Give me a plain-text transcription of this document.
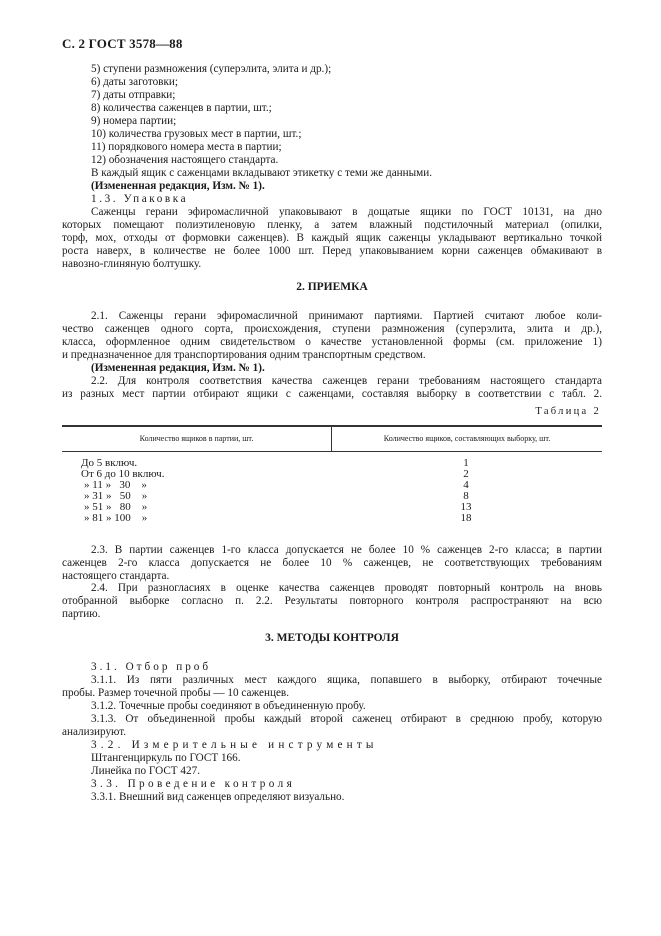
С. 2 ГОСТ 3578—88
5) ступени размножения (суперэлита, элита и др.);
6) даты заготовки;
7) даты отправки;
8) количества саженцев в партии, шт.;
9) номера партии;
10) количества грузовых мест в партии, шт.;
11) порядкового номера места в партии;
12) обозначения настоящего стандарта.
В каждый ящик с саженцами вкладывают этикетку с теми же данными.
(Измененная редакция, Изм. № 1).
1.3. Упаковка
Саженцы герани эфиромасличной упаковывают в дощатые ящики по ГОСТ 10131, на дно
которых помещают полиэтиленовую пленку, а затем влажный подстилочный материал (опилки,
торф, мох, отходы от формовки саженцев). В каждый ящик саженцы укладывают вертикально точкой
роста наверх, в количестве не более 1000 шт. Перед упаковыванием корни саженцев обмакивают в
навозно-глиняную болтушку.
2. ПРИЕМКА
2.1. Саженцы герани эфиромасличной принимают партиями. Партией считают любое коли-
чество саженцев одного сорта, происхождения, ступени размножения (суперэлита, элита и др.),
класса, оформленное одним свидетельством о качестве установленной формы (см. приложение 1)
и предназначенное для транспортирования одним транспортным средством.
(Измененная редакция, Изм. № 1).
2.2. Для контроля соответствия качества саженцев герани требованиям настоящего стандарта
из разных мест партии отбирают ящики с саженцами, составляя выборку в соответствии с табл. 2.
Таблица 2
Количество ящиков в партии, шт.	Количество ящиков, составляющих выборку, шт.
До 5 включ.	1
От 6 до 10 включ.	2
» 11 »   30    »	4
» 31 »   50    »	8
» 51 »   80    »	13
» 81 » 100    »	18
2.3. В партии саженцев 1-го класса допускается не более 10 % саженцев 2-го класса; в партии
саженцев 2-го класса допускается не более 10 % саженцев, не соответствующих требованиям
настоящего стандарта.
2.4. При разногласиях в оценке качества саженцев проводят повторный контроль на вновь
отобранной выборке согласно п. 2.2. Результаты повторного контроля распространяют на всю
партию.
3. МЕТОДЫ КОНТРОЛЯ
3.1. Отбор проб
3.1.1. Из пяти различных мест каждого ящика, попавшего в выборку, отбирают точечные
пробы. Размер точечной пробы — 10 саженцев.
3.1.2. Точечные пробы соединяют в объединенную пробу.
3.1.3. От объединенной пробы каждый второй саженец отбирают в среднюю пробу, которую
анализируют.
3.2. Измерительные инструменты
Штангенциркуль по ГОСТ 166.
Линейка по ГОСТ 427.
3.3. Проведение контроля
3.3.1. Внешний вид саженцев определяют визуально.
